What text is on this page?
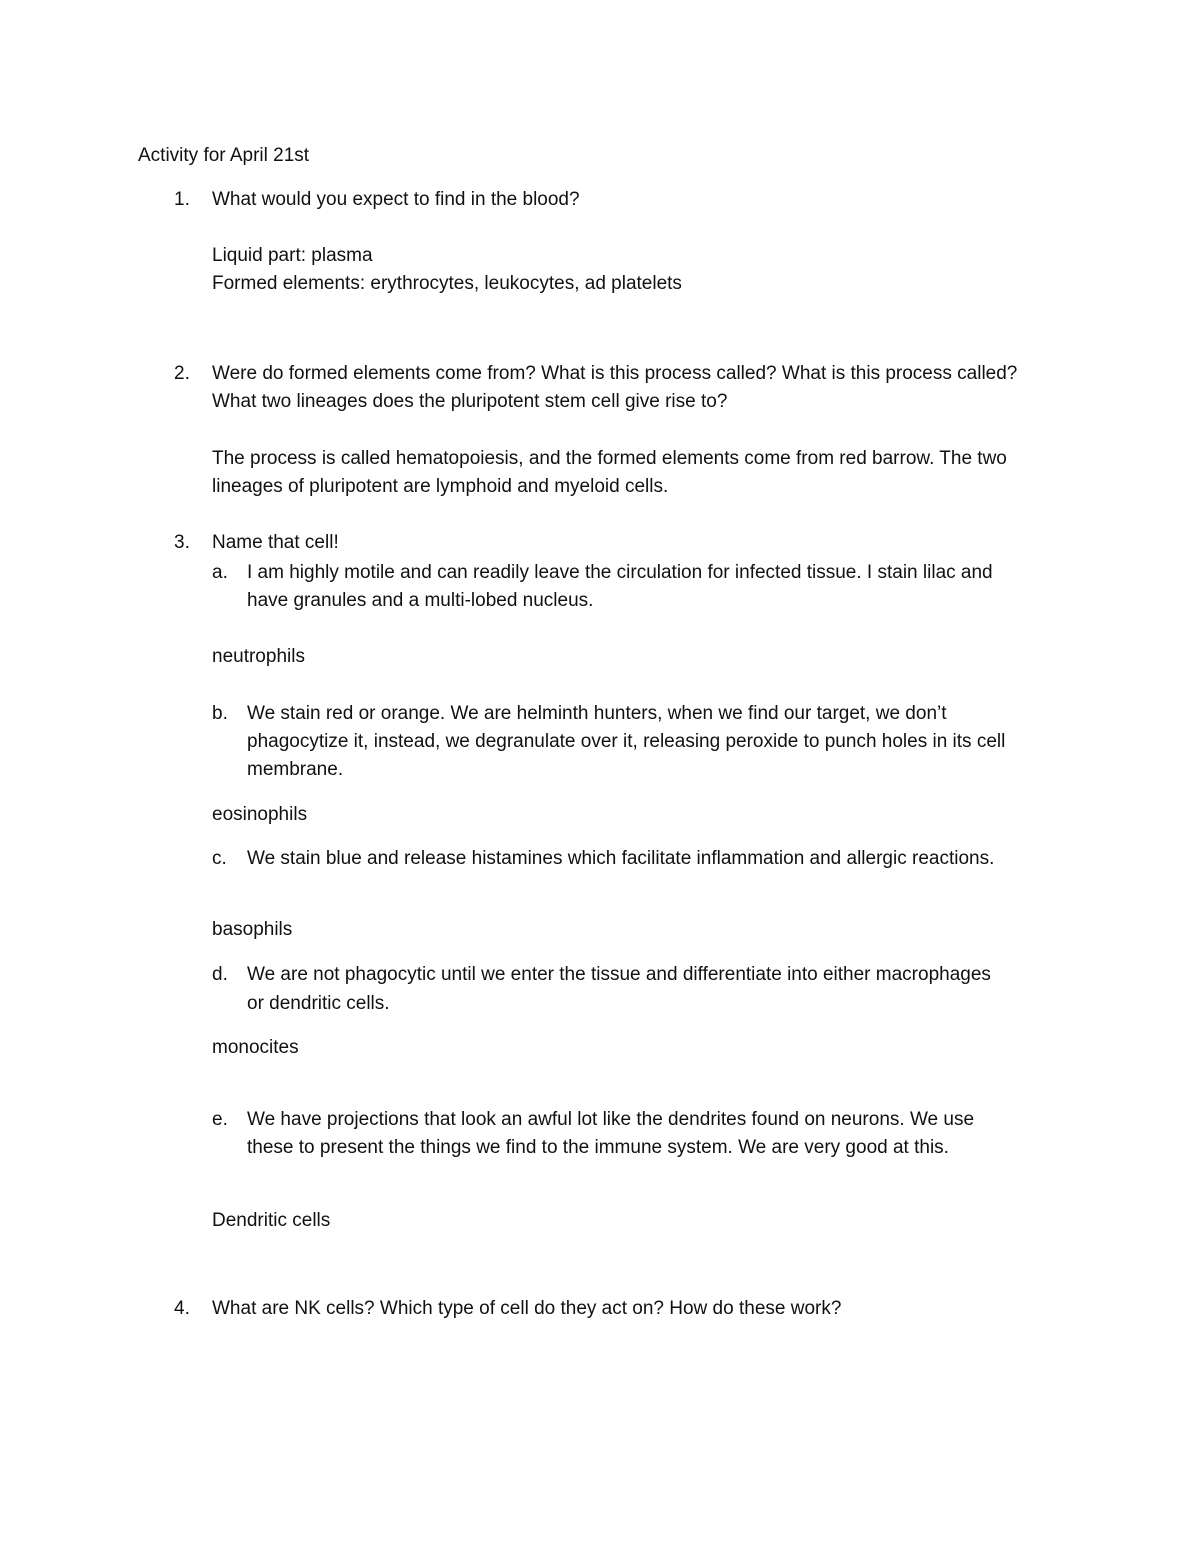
Activity for April 21st
1. What would you expect to find in the blood?
Liquid part: plasma
Formed elements: erythrocytes, leukocytes, ad platelets
2. Were do formed elements come from? What is this process called? What is this process called?
What two lineages does the pluripotent stem cell give rise to?
The process is called hematopoiesis, and the formed elements come from red barrow. The two
lineages of pluripotent are lymphoid and myeloid cells.
3. Name that cell!
a. I am highly motile and can readily leave the circulation for infected tissue. I stain lilac and
have granules and a multi-lobed nucleus.
neutrophils
b. We stain red or orange. We are helminth hunters, when we find our target, we don’t
phagocytize it, instead, we degranulate over it, releasing peroxide to punch holes in its cell
membrane.
eosinophils
c. We stain blue and release histamines which facilitate inflammation and allergic reactions.
basophils
d. We are not phagocytic until we enter the tissue and differentiate into either macrophages
or dendritic cells.
monocites
e. We have projections that look an awful lot like the dendrites found on neurons. We use
these to present the things we find to the immune system. We are very good at this.
Dendritic cells
4. What are NK cells? Which type of cell do they act on? How do these work?
